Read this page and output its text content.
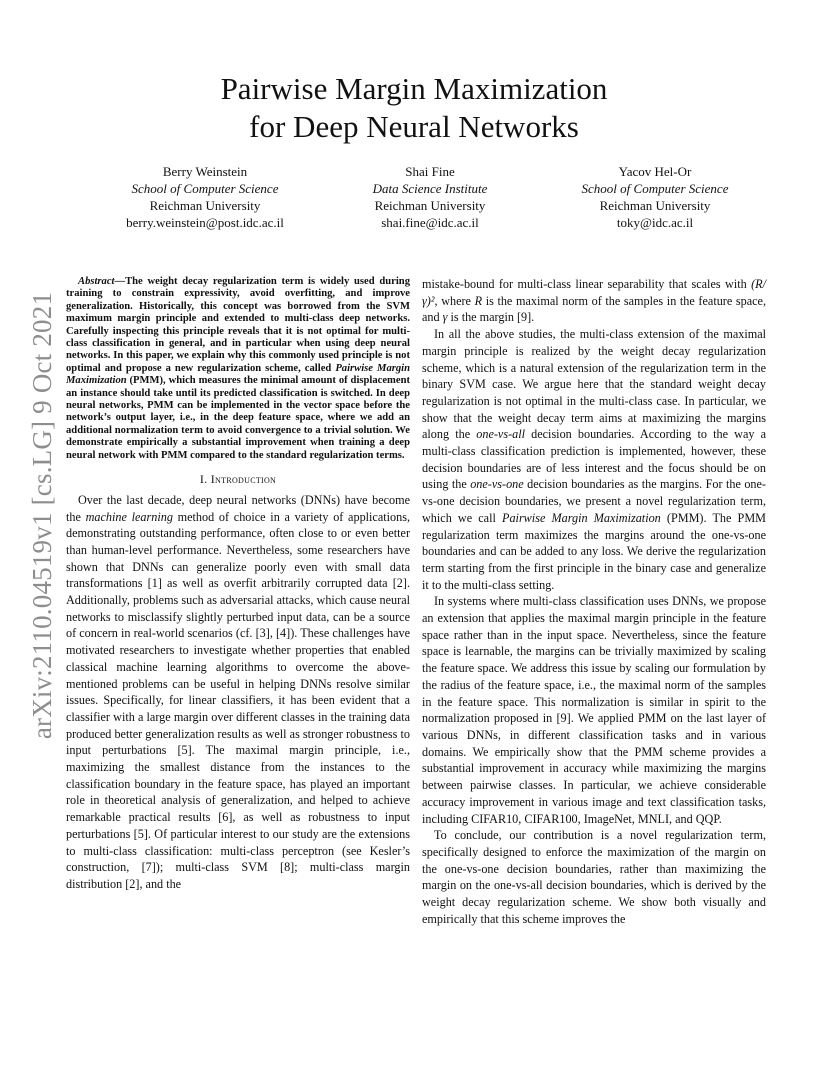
arXiv:2110.04519v1 [cs.LG] 9 Oct 2021
Pairwise Margin Maximization
for Deep Neural Networks
Berry Weinstein
School of Computer Science
Reichman University
berry.weinstein@post.idc.ac.il
Shai Fine
Data Science Institute
Reichman University
shai.fine@idc.ac.il
Yacov Hel-Or
School of Computer Science
Reichman University
toky@idc.ac.il
Abstract—The weight decay regularization term is widely used during training to constrain expressivity, avoid overfitting, and improve generalization. Historically, this concept was borrowed from the SVM maximum margin principle and extended to multi-class deep networks. Carefully inspecting this principle reveals that it is not optimal for multi-class classification in general, and in particular when using deep neural networks. In this paper, we explain why this commonly used principle is not optimal and propose a new regularization scheme, called Pairwise Margin Maximization (PMM), which measures the minimal amount of displacement an instance should take until its predicted classification is switched. In deep neural networks, PMM can be implemented in the vector space before the network’s output layer, i.e., in the deep feature space, where we add an additional normalization term to avoid convergence to a trivial solution. We demonstrate empirically a substantial improvement when training a deep neural network with PMM compared to the standard regularization terms.
I. Introduction

Over the last decade, deep neural networks (DNNs) have become the machine learning method of choice in a variety of applications, demonstrating outstanding performance, often close to or even better than human-level performance. Nevertheless, some researchers have shown that DNNs can generalize poorly even with small data transformations [1] as well as overfit arbitrarily corrupted data [2]. Additionally, problems such as adversarial attacks, which cause neural networks to misclassify slightly perturbed input data, can be a source of concern in real-world scenarios (cf. [3], [4]). These challenges have motivated researchers to investigate whether properties that enabled classical machine learning algorithms to overcome the above-mentioned problems can be useful in helping DNNs resolve similar issues. Specifically, for linear classifiers, it has been evident that a classifier with a large margin over different classes in the training data produced better generalization results as well as stronger robustness to input perturbations [5]. The maximal margin principle, i.e., maximizing the smallest distance from the instances to the classification boundary in the feature space, has played an important role in theoretical analysis of generalization, and helped to achieve remarkable practical results [6], as well as robustness to input perturbations [5]. Of particular interest to our study are the extensions to multi-class classification: multi-class perceptron (see Kesler’s construction, [7]); multi-class SVM [8]; multi-class margin distribution [2], and the

mistake-bound for multi-class linear separability that scales with (R/γ)², where R is the maximal norm of the samples in the feature space, and γ is the margin [9].

In all the above studies, the multi-class extension of the maximal margin principle is realized by the weight decay regularization scheme, which is a natural extension of the regularization term in the binary SVM case. We argue here that the standard weight decay regularization is not optimal in the multi-class case. In particular, we show that the weight decay term aims at maximizing the margins along the one-vs-all decision boundaries. According to the way a multi-class classification prediction is implemented, however, these decision boundaries are of less interest and the focus should be on using the one-vs-one decision boundaries as the margins. For the one-vs-one decision boundaries, we present a novel regularization term, which we call Pairwise Margin Maximization (PMM). The PMM regularization term maximizes the margins around the one-vs-one boundaries and can be added to any loss. We derive the regularization term starting from the first principle in the binary case and generalize it to the multi-class setting.

In systems where multi-class classification uses DNNs, we propose an extension that applies the maximal margin principle in the feature space rather than in the input space. Nevertheless, since the feature space is learnable, the margins can be trivially maximized by scaling the feature space. We address this issue by scaling our formulation by the radius of the feature space, i.e., the maximal norm of the samples in the feature space. This normalization is similar in spirit to the normalization proposed in [9]. We applied PMM on the last layer of various DNNs, in different classification tasks and in various domains. We empirically show that the PMM scheme provides a substantial improvement in accuracy while maximizing the margins between pairwise classes. In particular, we achieve considerable accuracy improvement in various image and text classification tasks, including CIFAR10, CIFAR100, ImageNet, MNLI, and QQP.

To conclude, our contribution is a novel regularization term, specifically designed to enforce the maximization of the margin on the one-vs-one decision boundaries, rather than maximizing the margin on the one-vs-all decision boundaries, which is derived by the weight decay regularization scheme. We show both visually and empirically that this scheme improves the
